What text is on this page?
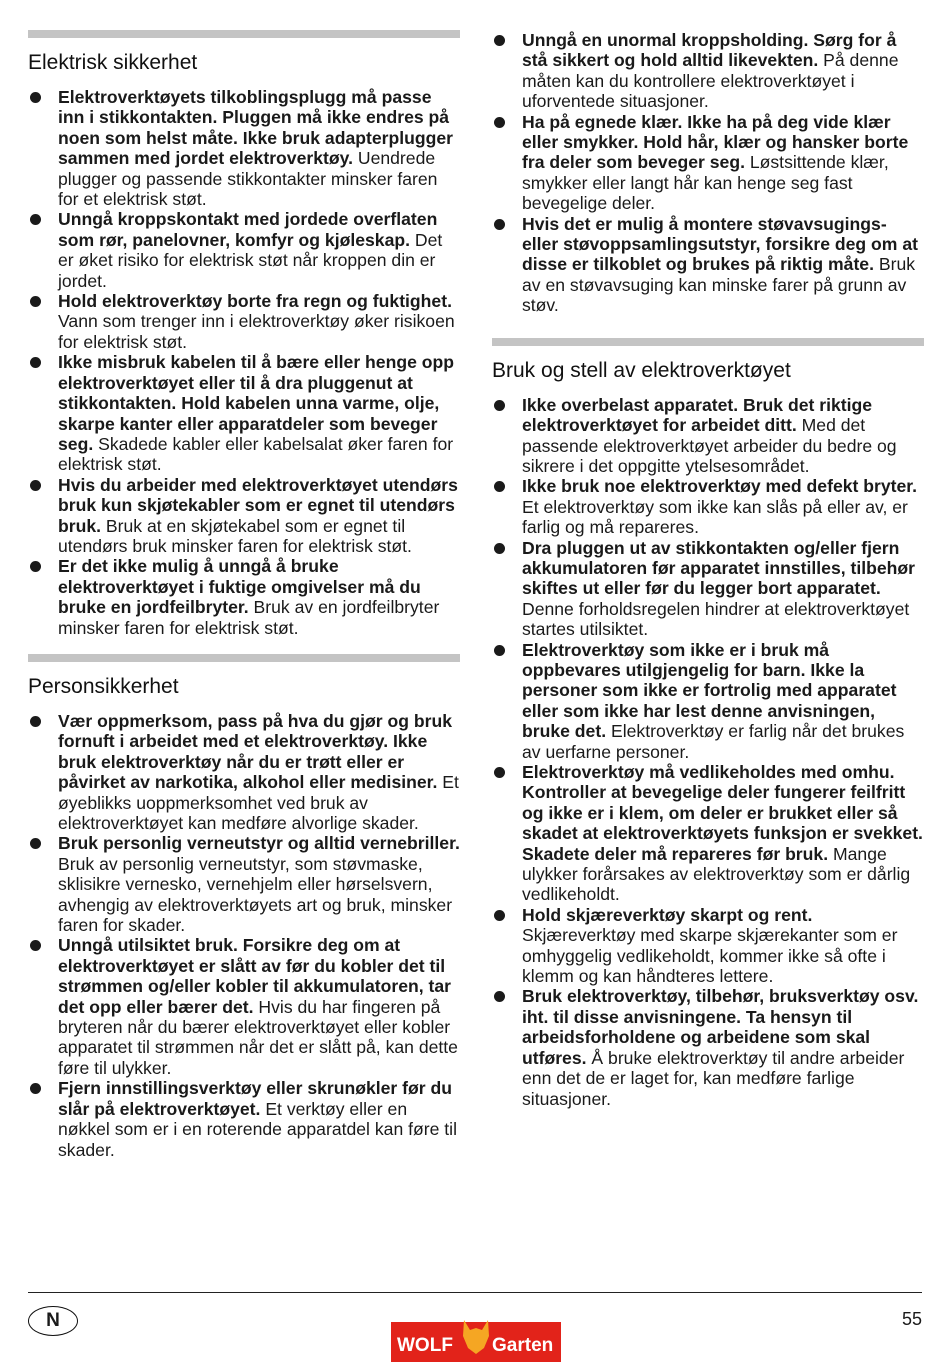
Elektrisk sikkerhet
Elektroverktøyets tilkoblingsplugg må passe inn i stikkontakten. Pluggen må ikke endres på noen som helst måte. Ikke bruk adapterplugger sammen med jordet elektroverktøy. Uendrede plugger og passende stikkontakter minsker faren for et elektrisk støt.
Unngå kroppskontakt med jordede overflaten som rør, panelovner, komfyr og kjøleskap. Det er øket risiko for elektrisk støt når kroppen din er jordet.
Hold elektroverktøy borte fra regn og fuktighet. Vann som trenger inn i elektroverktøy øker risikoen for elektrisk støt.
Ikke misbruk kabelen til å bære eller henge opp elektroverktøyet eller til å dra pluggenut at stikkontakten. Hold kabelen unna varme, olje, skarpe kanter eller apparatdeler som beveger seg. Skadede kabler eller kabelsalat øker faren for elektrisk støt.
Hvis du arbeider med elektroverktøyet utendørs bruk kun skjøtekabler som er egnet til utendørs bruk. Bruk at en skjøtekabel som er egnet til utendørs bruk minsker faren for elektrisk støt.
Er det ikke mulig å unngå å bruke elektroverktøyet i fuktige omgivelser må du bruke en jordfeilbryter. Bruk av en jordfeilbryter minsker faren for elektrisk støt.
Personsikkerhet
Vær oppmerksom, pass på hva du gjør og bruk fornuft i arbeidet med et elektroverktøy. Ikke bruk elektroverktøy når du er trøtt eller er påvirket av narkotika, alkohol eller medisiner. Et øyeblikks uoppmerksomhet ved bruk av elektroverktøyet kan medføre alvorlige skader.
Bruk personlig verneutstyr og alltid vernebriller. Bruk av personlig verneutstyr, som støvmaske, sklisikre vernesko, vernehjelm eller hørselsvern, avhengig av elektroverktøyets art og bruk, minsker faren for skader.
Unngå utilsiktet bruk. Forsikre deg om at elektroverktøyet er slått av før du kobler det til strømmen og/eller kobler til akkumulatoren, tar det opp eller bærer det. Hvis du har fingeren på bryteren når du bærer elektroverktøyet eller kobler apparatet til strømmen når det er slått på, kan dette føre til ulykker.
Fjern innstillingsverktøy eller skrunøkler før du slår på elektroverktøyet. Et verktøy eller en nøkkel som er i en roterende apparatdel kan føre til skader.
Unngå en unormal kroppsholding. Sørg for å stå sikkert og hold alltid likevekten. På denne måten kan du kontrollere elektroverktøyet i uforventede situasjoner.
Ha på egnede klær. Ikke ha på deg vide klær eller smykker. Hold hår, klær og hansker borte fra deler som beveger seg. Løstsittende klær, smykker eller langt hår kan henge seg fast bevegelige deler.
Hvis det er mulig å montere støvavsugings- eller støvoppsamlingsutstyr, forsikre deg om at disse er tilkoblet og brukes på riktig måte. Bruk av en støvavsuging kan minske farer på grunn av støv.
Bruk og stell av elektroverktøyet
Ikke overbelast apparatet. Bruk det riktige elektroverktøyet for arbeidet ditt. Med det passende elektroverktøyet arbeider du bedre og sikrere i det oppgitte ytelsesområdet.
Ikke bruk noe elektroverktøy med defekt bryter. Et elektroverktøy som ikke kan slås på eller av, er farlig og må repareres.
Dra pluggen ut av stikkontakten og/eller fjern akkumulatoren før apparatet innstilles, tilbehør skiftes ut eller før du legger bort apparatet. Denne forholdsregelen hindrer at elektroverktøyet startes utilsiktet.
Elektroverktøy som ikke er i bruk må oppbevares utilgjengelig for barn. Ikke la personer som ikke er fortrolig med apparatet eller som ikke har lest denne anvisningen, bruke det. Elektroverktøy er farlig når det brukes av uerfarne personer.
Elektroverktøy må vedlikeholdes med omhu. Kontroller at bevegelige deler fungerer feilfritt og ikke er i klem, om deler er brukket eller så skadet at elektroverktøyets funksjon er svekket. Skadete deler må repareres før bruk. Mange ulykker forårsakes av elektroverktøy som er dårlig vedlikeholdt.
Hold skjæreverktøy skarpt og rent. Skjæreverktøy med skarpe skjærekanter som er omhyggelig vedlikeholdt, kommer ikke så ofte i klemm og kan håndteres lettere.
Bruk elektroverktøy, tilbehør, bruksverktøy osv. iht. til disse anvisningene. Ta hensyn til arbeidsforholdene og arbeidene som skal utføres. Å bruke elektroverktøy til andre arbeider enn det de er laget for, kan medføre farlige situasjoner.
N	55
WOLF Garten
